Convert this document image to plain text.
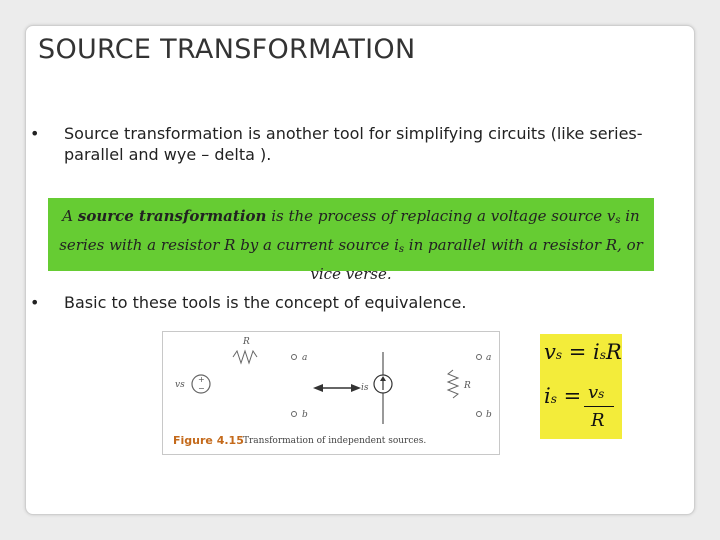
SOURCE TRANSFORMATION
• Source transformation is another tool for simplifying circuits (like series-parallel and wye – delta ).
A source transformation is the process of replacing a voltage source $v_s$ in series with a resistor R by a current source $i_s$ in parallel with a resistor R, or vice verse.
• Basic to these tools is the concept of equivalence.
R
+
−
vs
a
b
is	R
a
b
Figure 4.15 Transformation of independent sources.
vs = isR
is = vs
R
